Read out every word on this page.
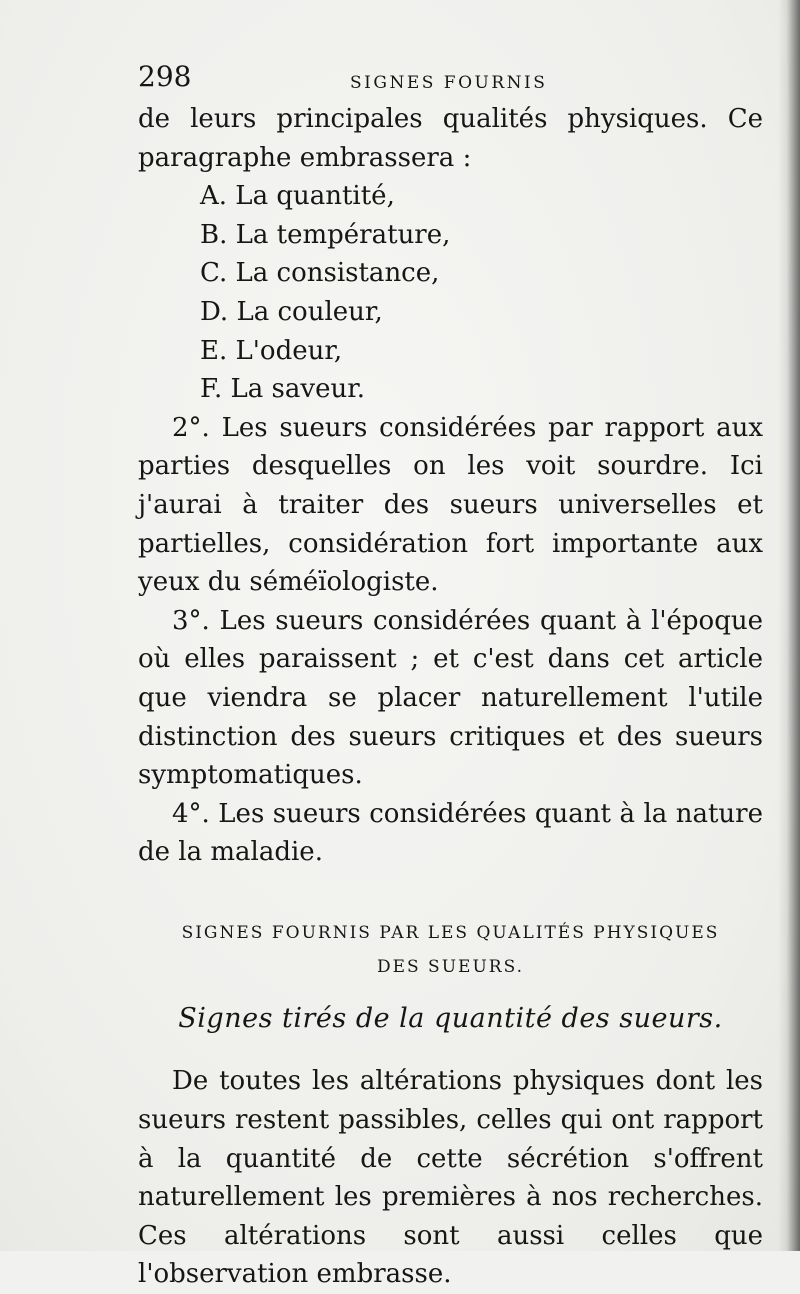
298	SIGNES FOURNIS

de leurs principales qualités physiques. Ce paragraphe embrassera :

A. La quantité,
B. La température,
C. La consistance,
D. La couleur,
E. L'odeur,
F. La saveur.

2°. Les sueurs considérées par rapport aux parties desquelles on les voit sourdre. Ici j'aurai à traiter des sueurs universelles et partielles, considération fort importante aux yeux du séméïologiste.

3°. Les sueurs considérées quant à l'époque où elles paraissent ; et c'est dans cet article que viendra se placer naturellement l'utile distinction des sueurs critiques et des sueurs symptomatiques.

4°. Les sueurs considérées quant à la nature de la maladie.

SIGNES FOURNIS PAR LES QUALITÉS PHYSIQUES
DES SUEURS.
Signes tirés de la quantité des sueurs.

De toutes les altérations physiques dont les sueurs restent passibles, celles qui ont rapport à la quantité de cette sécrétion s'offrent naturellement les premières à nos recherches. Ces altérations sont aussi celles que l'observation embrasse.
